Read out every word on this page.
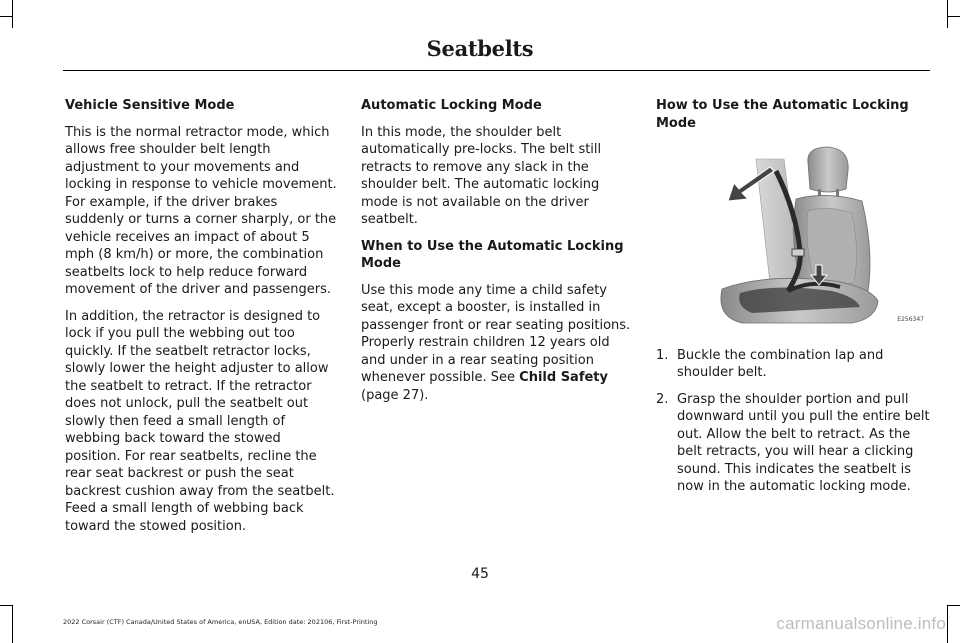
Seatbelts
Vehicle Sensitive Mode

This is the normal retractor mode, which allows free shoulder belt length adjustment to your movements and locking in response to vehicle movement. For example, if the driver brakes suddenly or turns a corner sharply, or the vehicle receives an impact of about 5 mph (8 km/h) or more, the combination seatbelts lock to help reduce forward movement of the driver and passengers.

In addition, the retractor is designed to lock if you pull the webbing out too quickly. If the seatbelt retractor locks, slowly lower the height adjuster to allow the seatbelt to retract. If the retractor does not unlock, pull the seatbelt out slowly then feed a small length of webbing back toward the stowed position. For rear seatbelts, recline the rear seat backrest or push the seat backrest cushion away from the seatbelt. Feed a small length of webbing back toward the stowed position.

Automatic Locking Mode

In this mode, the shoulder belt automatically pre-locks. The belt still retracts to remove any slack in the shoulder belt. The automatic locking mode is not available on the driver seatbelt.

When to Use the Automatic Locking Mode

Use this mode any time a child safety seat, except a booster, is installed in passenger front or rear seating positions. Properly restrain children 12 years old and under in a rear seating position whenever possible. See Child Safety (page 27).

How to Use the Automatic Locking Mode
E256347
1. Buckle the combination lap and shoulder belt.
2. Grasp the shoulder portion and pull downward until you pull the entire belt out. Allow the belt to retract. As the belt retracts, you will hear a clicking sound. This indicates the seatbelt is now in the automatic locking mode.
45
2022 Corsair (CTF) Canada/United States of America, enUSA, Edition date: 202106, First-Printing	carmanualsonline.info
